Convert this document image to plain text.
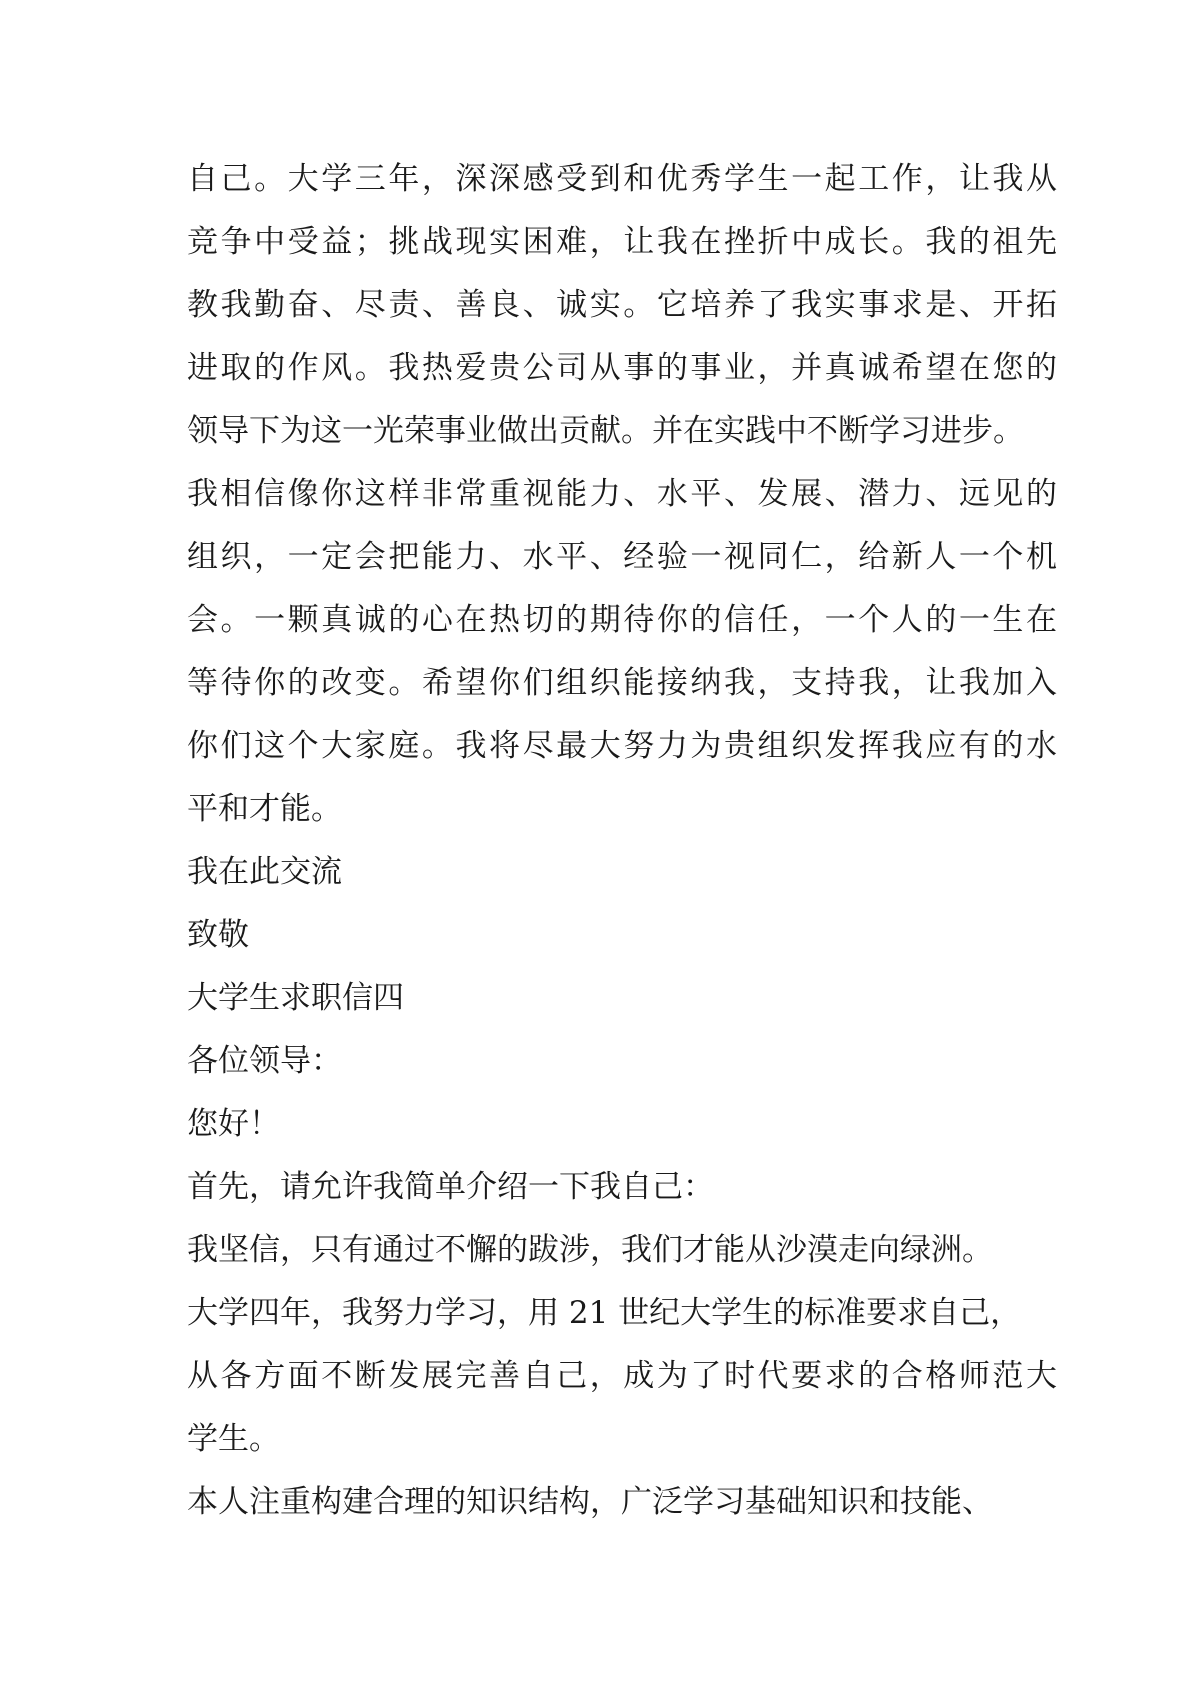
自己。大学三年，深深感受到和优秀学生一起工作，让我从
竞争中受益；挑战现实困难，让我在挫折中成长。我的祖先
教我勤奋、尽责、善良、诚实。它培养了我实事求是、开拓
进取的作风。我热爱贵公司从事的事业，并真诚希望在您的
领导下为这一光荣事业做出贡献。并在实践中不断学习进步。
我相信像你这样非常重视能力、水平、发展、潜力、远见的
组织，一定会把能力、水平、经验一视同仁，给新人一个机
会。一颗真诚的心在热切的期待你的信任，一个人的一生在
等待你的改变。希望你们组织能接纳我，支持我，让我加入
你们这个大家庭。我将尽最大努力为贵组织发挥我应有的水
平和才能。
我在此交流
致敬
大学生求职信四
各位领导：
您好！
首先，请允许我简单介绍一下我自己：
我坚信，只有通过不懈的跋涉，我们才能从沙漠走向绿洲。
大学四年，我努力学习，用 21 世纪大学生的标准要求自己，
从各方面不断发展完善自己，成为了时代要求的合格师范大
学生。
本人注重构建合理的知识结构，广泛学习基础知识和技能、
